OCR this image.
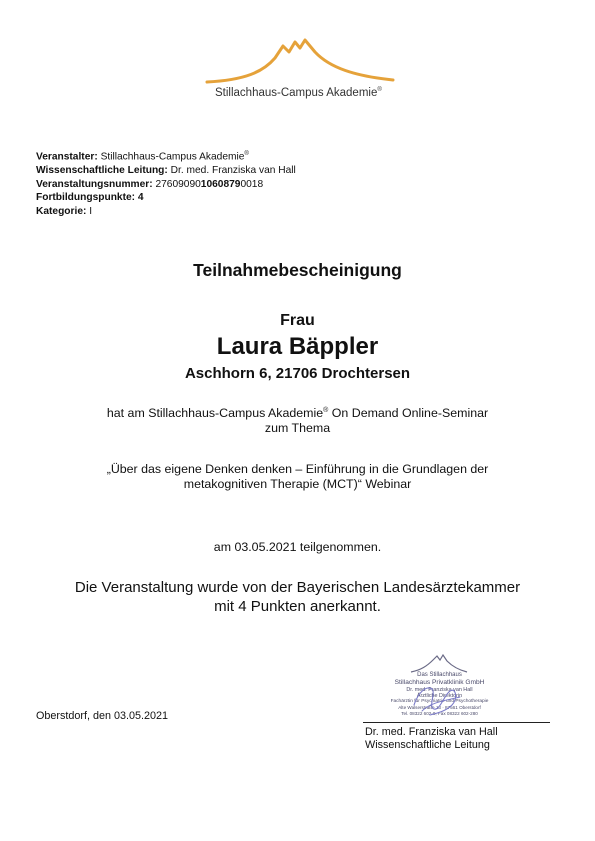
Stillachhaus-Campus Akademie®
Veranstalter: Stillachhaus-Campus Akademie®
Wissenschaftliche Leitung: Dr. med. Franziska van Hall
Veranstaltungsnummer: 2760909010608790018
Fortbildungspunkte: 4
Kategorie: I
Teilnahmebescheinigung
Frau
Laura Bäppler
Aschhorn 6, 21706 Drochtersen
hat am Stillachhaus-Campus Akademie® On Demand Online-Seminar
zum Thema
„Über das eigene Denken denken – Einführung in die Grundlagen der
metakognitiven Therapie (MCT)“ Webinar
am 03.05.2021 teilgenommen.
Die Veranstaltung wurde von der Bayerischen Landesärztekammer
mit 4 Punkten anerkannt.
Oberstdorf, den 03.05.2021
Das Stillachhaus
Stillachhaus Privatklinik GmbH
Dr. med. Franziska van Hall
Ärztliche Direktorin
Fachärztin für Psychiatrie und Psychotherapie
Alte Walserstraße 13 · 87561 Oberstdorf
Tel. 08322 602-0, Fax 08322 602-280
Dr. med. Franziska van Hall
Wissenschaftliche Leitung
